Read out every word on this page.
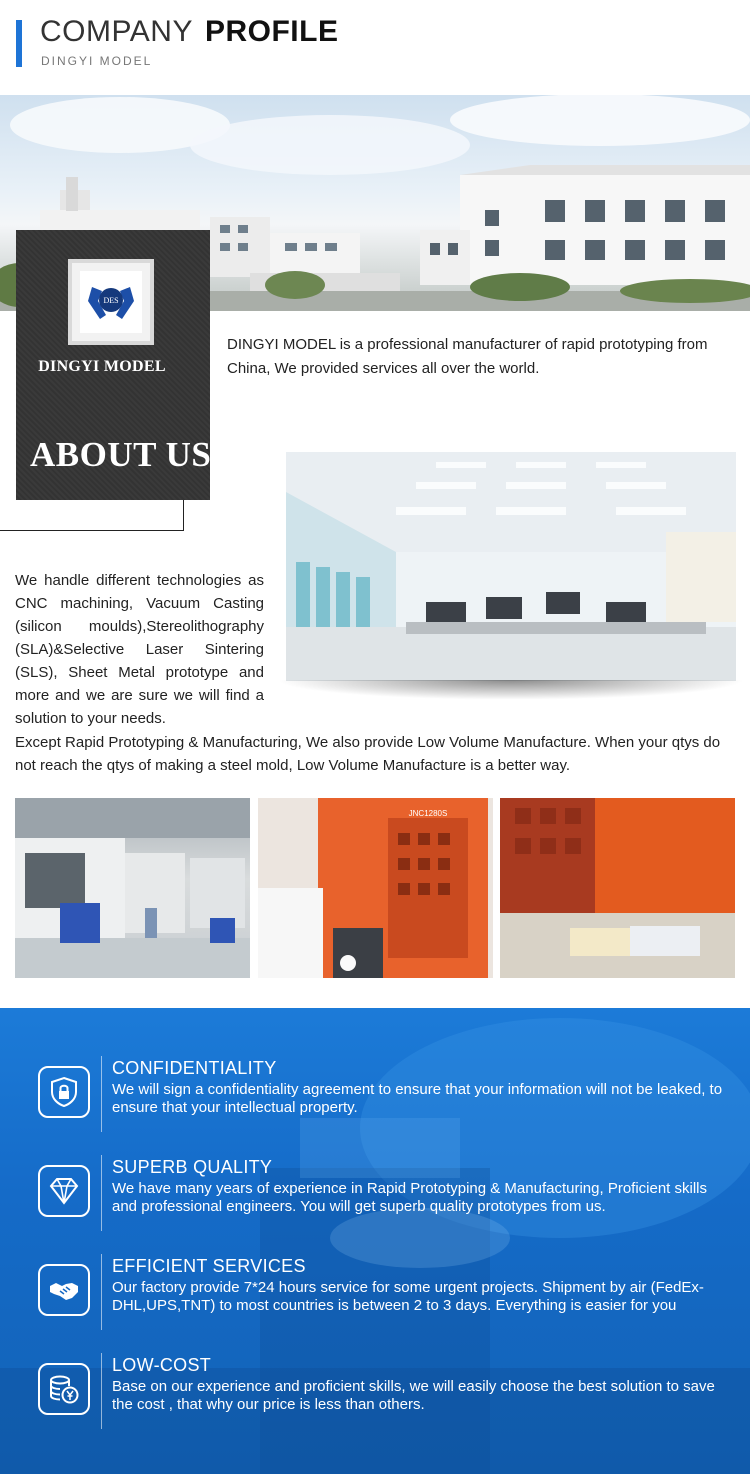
COMPANY PROFILE
DINGYI MODEL
DES
DINGYI MODEL
ABOUT US
DINGYI MODEL is a professional manufacturer of rapid prototyping from China, We provided services all over the world.
We handle different technologies as CNC machining, Vacuum Casting (silicon moulds),Stereolithography (SLA)&Selective Laser Sintering (SLS), Sheet Metal prototype and more and we are sure we will find a solution to your needs.
Except Rapid Prototyping & Manufacturing, We also provide Low Volume Manufacture. When your qtys do not reach the qtys of making a steel mold, Low Volume Manufacture is a better way.
JNC1280S
CONFIDENTIALITY
We will sign a confidentiality agreement to ensure that your information will not be leaked, to ensure that your intellectual property.
SUPERB QUALITY
We have many years of experience in Rapid Prototyping & Manufacturing, Proficient skills and professional engineers. You will get superb quality prototypes from us.
EFFICIENT SERVICES
Our factory provide 7*24 hours service for some urgent projects. Shipment by air (FedEx-DHL,UPS,TNT) to most countries is between 2 to 3 days. Everything is easier for you
LOW-COST
Base on our experience and proficient skills, we will easily choose the best solution to save the cost , that why our price is less than others.
